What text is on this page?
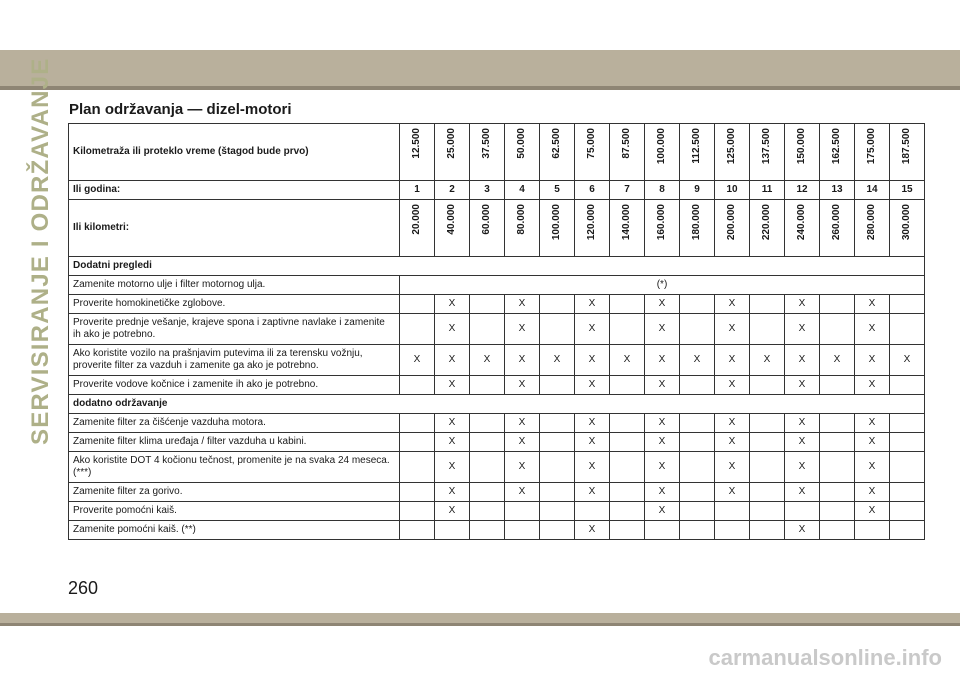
SERVISIRANJE I ODRŽAVANJE Plan održavanja — dizel-motori
Kilometraža ili proteklo vreme (štagod bude prvo)	12.500	25.000	37.500	50.000	62.500	75.000	87.500	100.000	112.500	125.000	137.500	150.000	162.500	175.000	187.500
Ili godina:	1	2	3	4	5	6	7	8	9	10	11	12	13	14	15
Ili kilometri:	20.000	40.000	60.000	80.000	100.000	120.000	140.000	160.000	180.000	200.000	220.000	240.000	260.000	280.000	300.000
Dodatni pregledi															
Zamenite motorno ulje i filter motornog ulja.	(*)														
Proverite homokinetičke zglobove.		X		X		X		X		X		X		X	
Proverite prednje vešanje, krajeve spona i zaptivne navlake i zamenite ih ako je potrebno.		X		X		X		X		X		X		X	
Ako koristite vozilo na prašnjavim putevima ili za terensku vožnju, proverite filter za vazduh i zamenite ga ako je potrebno.	X	X	X	X	X	X	X	X	X	X	X	X	X	X	X
Proverite vodove kočnice i zamenite ih ako je potrebno.		X		X		X		X		X		X		X	
dodatno održavanje															
Zamenite filter za čišćenje vazduha motora.		X		X		X		X		X		X		X	
Zamenite filter klima uređaja / filter vazduha u kabini.		X		X		X		X		X		X		X	
Ako koristite DOT 4 kočionu tečnost, promenite je na svaka 24 meseca. (***)		X		X		X		X		X		X		X	
Zamenite filter za gorivo.		X		X		X		X		X		X		X	
Proverite pomoćni kaiš.		X						X						X	
Zamenite pomoćni kaiš. (**)						X						X			
260
carmanualsonline.info
